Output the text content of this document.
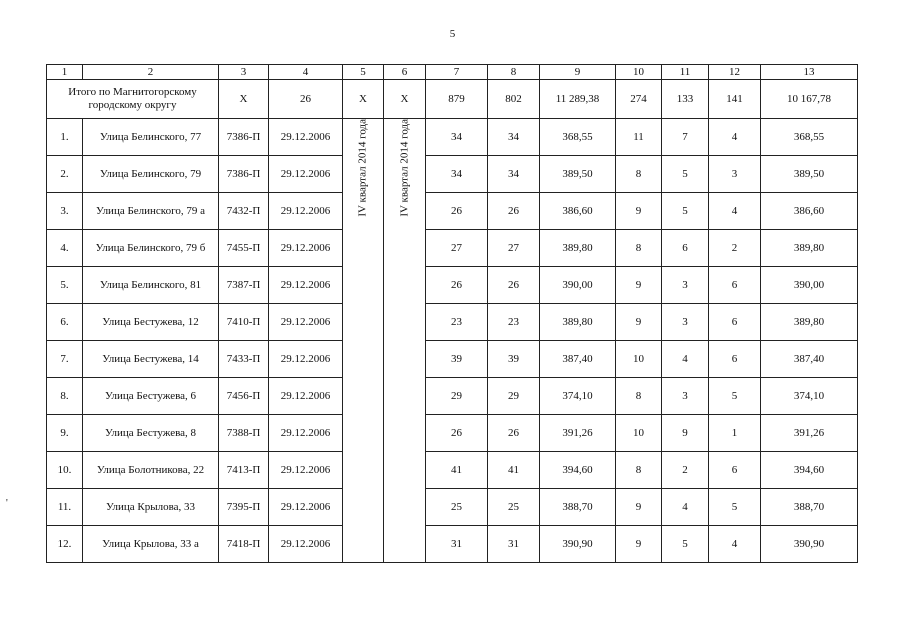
5
'
1	2	3	4	5	6	7	8	9	10	11	12	13
Итого по Магнитогорскому городскому округу		Х	26	Х	Х	879	802	11 289,38	274	133	141	10 167,78
1.	Улица Белинского, 77	7386-П	29.12.2006	IV квартал 2014 года	IV квартал 2014 года	34	34	368,55	11	7	4	368,55
2.	Улица Белинского, 79	7386-П	29.12.2006			34	34	389,50	8	5	3	389,50
3.	Улица Белинского, 79 а	7432-П	29.12.2006			26	26	386,60	9	5	4	386,60
4.	Улица Белинского, 79 б	7455-П	29.12.2006			27	27	389,80	8	6	2	389,80
5.	Улица Белинского, 81	7387-П	29.12.2006			26	26	390,00	9	3	6	390,00
6.	Улица Бестужева, 12	7410-П	29.12.2006			23	23	389,80	9	3	6	389,80
7.	Улица Бестужева, 14	7433-П	29.12.2006			39	39	387,40	10	4	6	387,40
8.	Улица Бестужева, 6	7456-П	29.12.2006			29	29	374,10	8	3	5	374,10
9.	Улица Бестужева, 8	7388-П	29.12.2006			26	26	391,26	10	9	1	391,26
10.	Улица Болотникова, 22	7413-П	29.12.2006			41	41	394,60	8	2	6	394,60
11.	Улица Крылова, 33	7395-П	29.12.2006			25	25	388,70	9	4	5	388,70
12.	Улица Крылова, 33 а	7418-П	29.12.2006			31	31	390,90	9	5	4	390,90
